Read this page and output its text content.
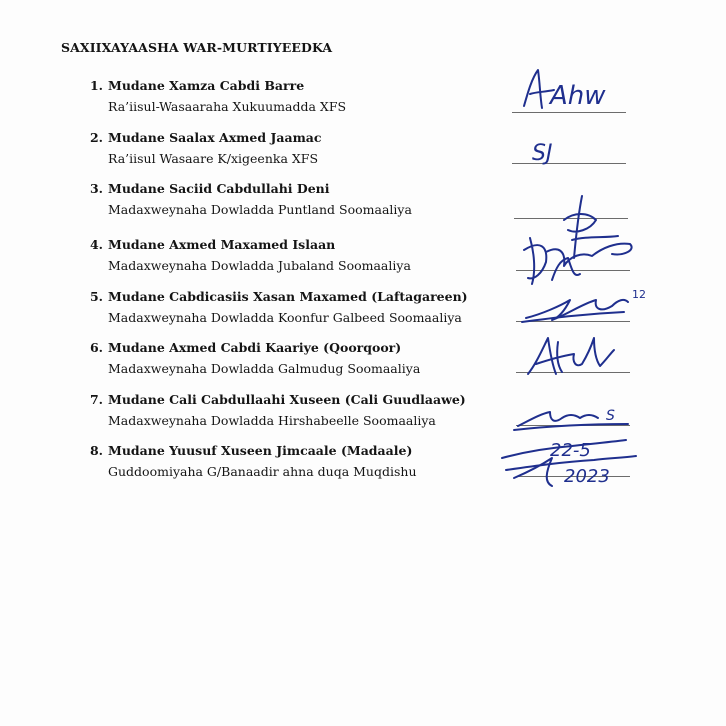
SAXIIXAYAASHA WAR-MURTIYEEDKA
1. Mudane Xamza Cabdi Barre
Ra’iisul-Wasaaraha Xukuumadda XFS
2. Mudane Saalax Axmed Jaamac
Ra’iisul Wasaare K/xigeenka XFS
3. Mudane Saciid Cabdullahi Deni
Madaxweynaha Dowladda Puntland Soomaaliya
4. Mudane Axmed Maxamed Islaan
Madaxweynaha Dowladda Jubaland Soomaaliya
5. Mudane Cabdicasiis Xasan Maxamed (Laftagareen)
Madaxweynaha Dowladda Koonfur Galbeed Soomaaliya
6. Mudane Axmed Cabdi Kaariye (Qoorqoor)
Madaxweynaha Dowladda Galmudug Soomaaliya
7. Mudane Cali Cabdullaahi Xuseen (Cali Guudlaawe)
Madaxweynaha Dowladda Hirshabeelle Soomaaliya
8. Mudane Yuusuf Xuseen Jimcaale (Madaale)
Guddoomiyaha G/Banaadir ahna duqa Muqdishu
Ahw
SJ
12
S
22-5
2023
